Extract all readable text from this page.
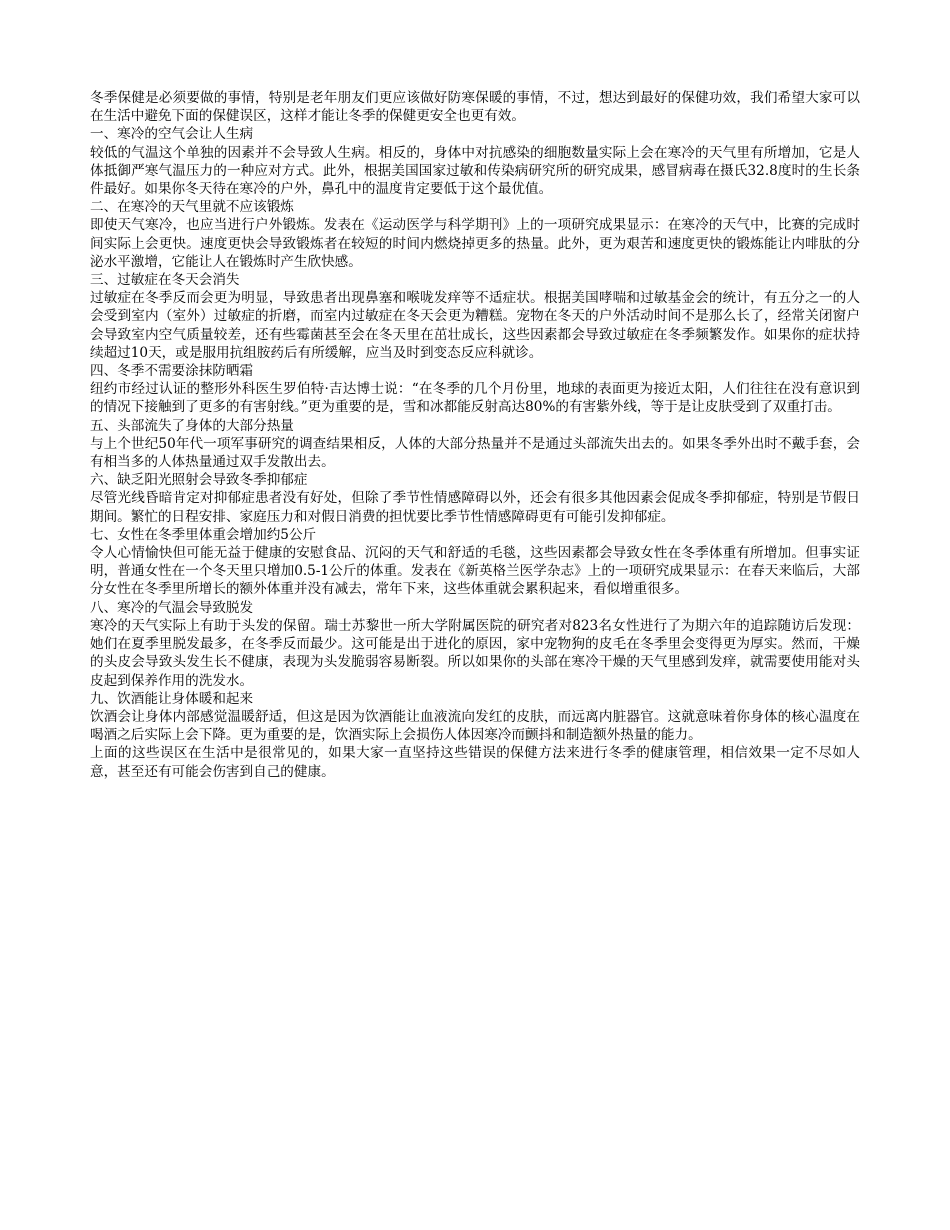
冬季保健是必须要做的事情，特别是老年朋友们更应该做好防寒保暖的事情，不过，想达到最好的保健功效，我们希望大家可以在生活中避免下面的保健误区，这样才能让冬季的保健更安全也更有效。

一、寒冷的空气会让人生病

较低的气温这个单独的因素并不会导致人生病。相反的，身体中对抗感染的细胞数量实际上会在寒冷的天气里有所增加，它是人体抵御严寒气温压力的一种应对方式。此外，根据美国国家过敏和传染病研究所的研究成果，感冒病毒在摄氏32.8度时的生长条件最好。如果你冬天待在寒冷的户外，鼻孔中的温度肯定要低于这个最优值。

二、在寒冷的天气里就不应该锻炼

即使天气寒冷，也应当进行户外锻炼。发表在《运动医学与科学期刊》上的一项研究成果显示：在寒冷的天气中，比赛的完成时间实际上会更快。速度更快会导致锻炼者在较短的时间内燃烧掉更多的热量。此外，更为艰苦和速度更快的锻炼能让内啡肽的分泌水平激增，它能让人在锻炼时产生欣快感。

三、过敏症在冬天会消失

过敏症在冬季反而会更为明显，导致患者出现鼻塞和喉咙发痒等不适症状。根据美国哮喘和过敏基金会的统计，有五分之一的人会受到室内（室外）过敏症的折磨，而室内过敏症在冬天会更为糟糕。宠物在冬天的户外活动时间不是那么长了，经常关闭窗户会导致室内空气质量较差，还有些霉菌甚至会在冬天里在茁壮成长，这些因素都会导致过敏症在冬季频繁发作。如果你的症状持续超过10天，或是服用抗组胺药后有所缓解，应当及时到变态反应科就诊。

四、冬季不需要涂抹防晒霜

纽约市经过认证的整形外科医生罗伯特·吉达博士说：“在冬季的几个月份里，地球的表面更为接近太阳，人们往往在没有意识到的情况下接触到了更多的有害射线。”更为重要的是，雪和冰都能反射高达80%的有害紫外线，等于是让皮肤受到了双重打击。

五、头部流失了身体的大部分热量

与上个世纪50年代一项军事研究的调查结果相反，人体的大部分热量并不是通过头部流失出去的。如果冬季外出时不戴手套，会有相当多的人体热量通过双手发散出去。

六、缺乏阳光照射会导致冬季抑郁症

尽管光线昏暗肯定对抑郁症患者没有好处，但除了季节性情感障碍以外，还会有很多其他因素会促成冬季抑郁症，特别是节假日期间。繁忙的日程安排、家庭压力和对假日消费的担忧要比季节性情感障碍更有可能引发抑郁症。

七、女性在冬季里体重会增加约5公斤

令人心情愉快但可能无益于健康的安慰食品、沉闷的天气和舒适的毛毯，这些因素都会导致女性在冬季体重有所增加。但事实证明，普通女性在一个冬天里只增加0.5-1公斤的体重。发表在《新英格兰医学杂志》上的一项研究成果显示：在春天来临后，大部分女性在冬季里所增长的额外体重并没有减去，常年下来，这些体重就会累积起来，看似增重很多。

八、寒冷的气温会导致脱发

寒冷的天气实际上有助于头发的保留。瑞士苏黎世一所大学附属医院的研究者对823名女性进行了为期六年的追踪随访后发现：她们在夏季里脱发最多，在冬季反而最少。这可能是出于进化的原因，家中宠物狗的皮毛在冬季里会变得更为厚实。然而，干燥的头皮会导致头发生长不健康，表现为头发脆弱容易断裂。所以如果你的头部在寒冷干燥的天气里感到发痒，就需要使用能对头皮起到保养作用的洗发水。

九、饮酒能让身体暖和起来

饮酒会让身体内部感觉温暖舒适，但这是因为饮酒能让血液流向发红的皮肤，而远离内脏器官。这就意味着你身体的核心温度在喝酒之后实际上会下降。更为重要的是，饮酒实际上会损伤人体因寒冷而颤抖和制造额外热量的能力。

上面的这些误区在生活中是很常见的，如果大家一直坚持这些错误的保健方法来进行冬季的健康管理，相信效果一定不尽如人意，甚至还有可能会伤害到自己的健康。
